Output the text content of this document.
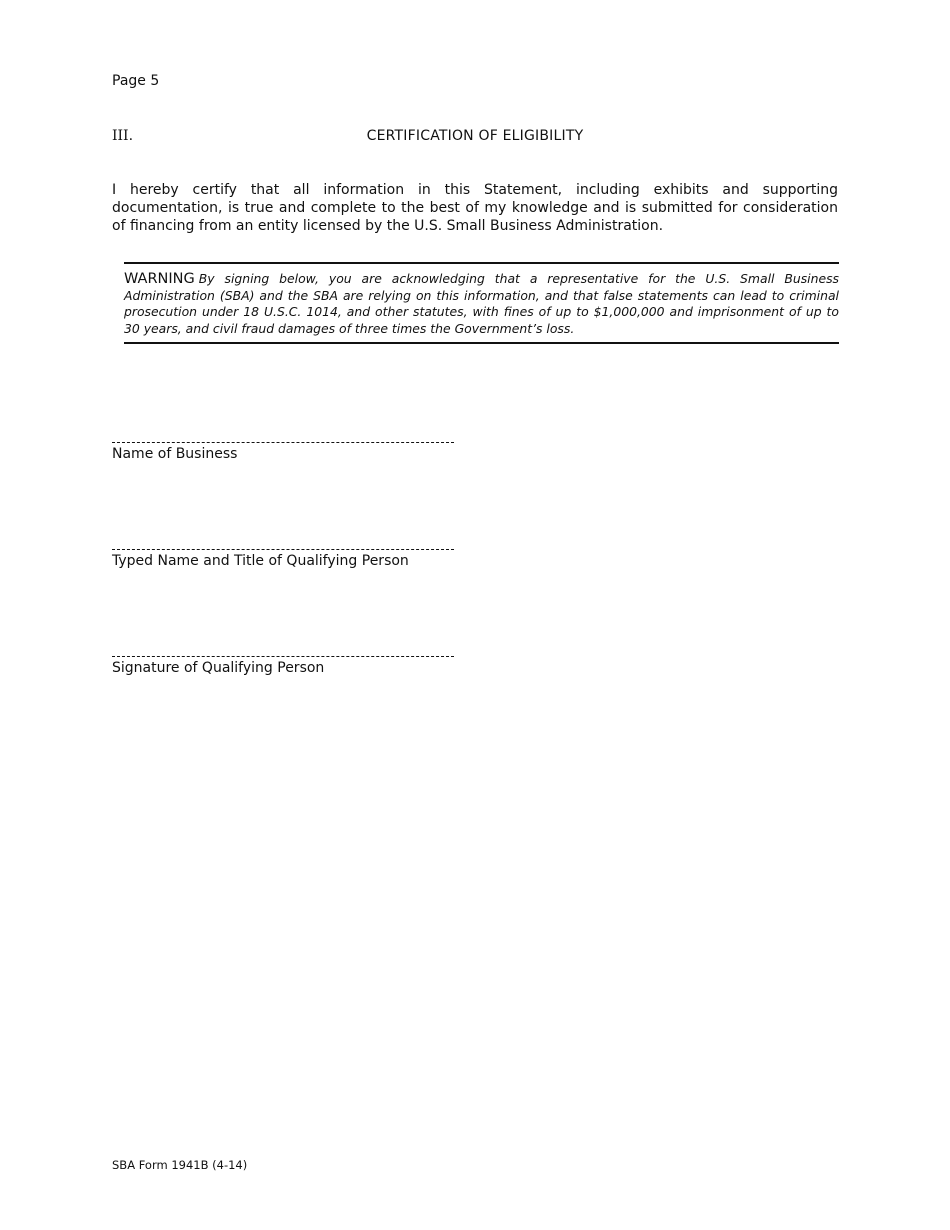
Page 5
III.	CERTIFICATION OF ELIGIBILITY
I hereby certify that all information in this Statement, including exhibits and supporting documentation, is true and complete to the best of my knowledge and is submitted for consideration of financing from an entity licensed by the U.S. Small Business Administration.

WARNING By signing below, you are acknowledging that a representative for the U.S. Small Business Administration (SBA) and the SBA are relying on this information, and that false statements can lead to criminal prosecution under 18 U.S.C. 1014, and other statutes, with fines of up to $1,000,000 and imprisonment of up to 30 years, and civil fraud damages of three times the Government’s loss.

Name of Business
Typed Name and Title of Qualifying Person
Signature of Qualifying Person
SBA Form 1941B (4-14)
